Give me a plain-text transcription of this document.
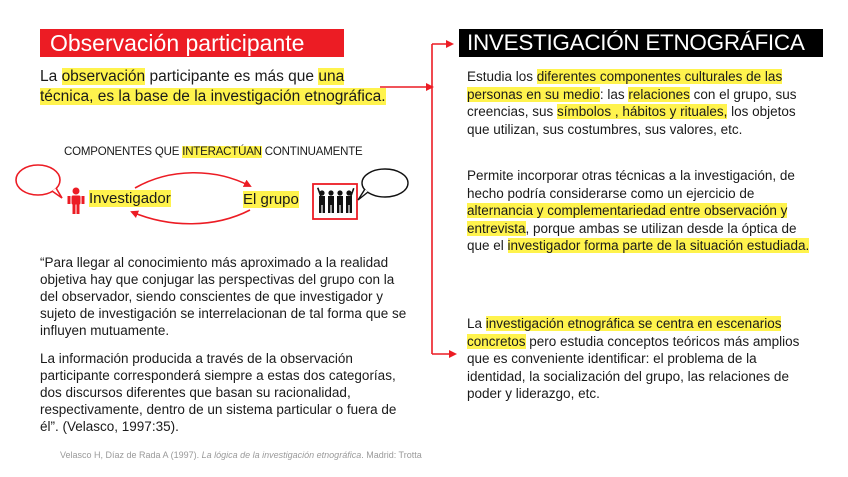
Observación participante	INVESTIGACIÓN ETNOGRÁFICA
La observación participante es más que una técnica, es la base de la investigación etnográfica.
COMPONENTES QUE INTERACTÚAN CONTINUAMENTE
Investigador	El grupo
“Para llegar al conocimiento más aproximado a la realidad objetiva hay que conjugar las perspectivas del grupo con la del observador, siendo conscientes de que investigador y sujeto de investigación se interrelacionan de tal forma que se influyen mutuamente.
La información producida a través de la observación participante corresponderá siempre a estas dos categorías, dos discursos diferentes que basan su racionalidad, respectivamente, dentro de un sistema particular o fuera de él”. (Velasco, 1997:35).
Velasco H, Díaz de Rada A (1997). La lógica de la investigación etnográfica. Madrid: Trotta
Estudia los diferentes componentes culturales de las personas en su medio: las relaciones con el grupo, sus creencias, sus símbolos , hábitos y rituales, los objetos que utilizan, sus costumbres, sus valores, etc.
Permite incorporar otras técnicas a la investigación, de hecho podría considerarse como un ejercicio de alternancia y complementariedad entre observación y entrevista, porque ambas se utilizan desde la óptica de que el investigador forma parte de la situación estudiada.
La investigación etnográfica se centra en escenarios concretos pero estudia conceptos teóricos más amplios que es conveniente identificar: el problema de la identidad, la socialización del grupo, las relaciones de poder y liderazgo, etc.
